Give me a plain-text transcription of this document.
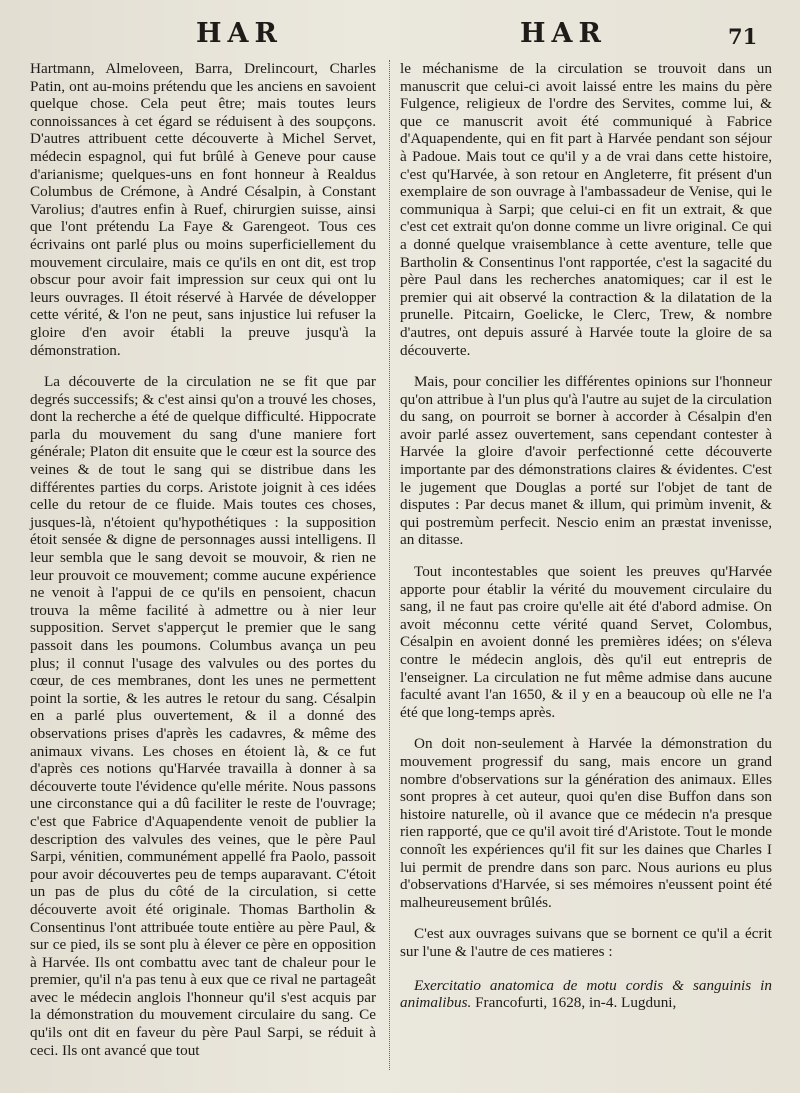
HAR	HAR	71

Hartmann, Almeloveen, Barra, Drelincourt, Charles Patin, ont au-moins prétendu que les anciens en savoient quelque chose. Cela peut être; mais toutes leurs connoissances à cet égard se réduisent à des soupçons. D'autres attribuent cette découverte à Michel Servet, médecin espagnol, qui fut brûlé à Geneve pour cause d'arianisme; quelques-uns en font honneur à Realdus Columbus de Crémone, à André Césalpin, à Constant Varolius; d'autres enfin à Ruef, chirurgien suisse, ainsi que l'ont prétendu La Faye & Garengeot. Tous ces écrivains ont parlé plus ou moins superficiellement du mouvement circulaire, mais ce qu'ils en ont dit, est trop obscur pour avoir fait impression sur ceux qui ont lu leurs ouvrages. Il étoit réservé à Harvée de développer cette vérité, & l'on ne peut, sans injustice lui refuser la gloire d'en avoir établi la preuve jusqu'à la démonstration.

La découverte de la circulation ne se fit que par degrés successifs; & c'est ainsi qu'on a trouvé les choses, dont la recherche a été de quelque difficulté. Hippocrate parla du mouvement du sang d'une maniere fort générale; Platon dit ensuite que le cœur est la source des veines & de tout le sang qui se distribue dans les différentes parties du corps. Aristote joignit à ces idées celle du retour de ce fluide. Mais toutes ces choses, jusques-là, n'étoient qu'hypothétiques : la supposition étoit sensée & digne de personnages aussi intelligens. Il leur sembla que le sang devoit se mouvoir, & rien ne leur prouvoit ce mouvement; comme aucune expérience ne venoit à l'appui de ce qu'ils en pensoient, chacun trouva la même facilité à admettre ou à nier leur supposition. Servet s'apperçut le premier que le sang passoit dans les poumons. Columbus avança un peu plus; il connut l'usage des valvules ou des portes du cœur, de ces membranes, dont les unes ne permettent point la sortie, & les autres le retour du sang. Césalpin en a parlé plus ouvertement, & il a donné des observations prises d'après les cadavres, & même des animaux vivans. Les choses en étoient là, & ce fut d'après ces notions qu'Harvée travailla à donner à sa découverte toute l'évidence qu'elle mérite. Nous passons une circonstance qui a dû faciliter le reste de l'ouvrage; c'est que Fabrice d'Aquapendente venoit de publier la description des valvules des veines, que le père Paul Sarpi, vénitien, communément appellé fra Paolo, passoit pour avoir découvertes peu de temps auparavant. C'étoit un pas de plus du côté de la circulation, si cette découverte avoit été originale. Thomas Bartholin & Consentinus l'ont attribuée toute entière au père Paul, & sur ce pied, ils se sont plu à élever ce père en opposition à Harvée. Ils ont combattu avec tant de chaleur pour le premier, qu'il n'a pas tenu à eux que ce rival ne partageât avec le médecin anglois l'honneur qu'il s'est acquis par la démonstration du mouvement circulaire du sang. Ce qu'ils ont dit en faveur du père Paul Sarpi, se réduit à ceci. Ils ont avancé que tout

le méchanisme de la circulation se trouvoit dans un manuscrit que celui-ci avoit laissé entre les mains du père Fulgence, religieux de l'ordre des Servites, comme lui, & que ce manuscrit avoit été communiqué à Fabrice d'Aquapendente, qui en fit part à Harvée pendant son séjour à Padoue. Mais tout ce qu'il y a de vrai dans cette histoire, c'est qu'Harvée, à son retour en Angleterre, fit présent d'un exemplaire de son ouvrage à l'ambassadeur de Venise, qui le communiqua à Sarpi; que celui-ci en fit un extrait, & que c'est cet extrait qu'on donne comme un livre original. Ce qui a donné quelque vraisemblance à cette aventure, telle que Bartholin & Consentinus l'ont rapportée, c'est la sagacité du père Paul dans les recherches anatomiques; car il est le premier qui ait observé la contraction & la dilatation de la prunelle. Pitcairn, Goelicke, le Clerc, Trew, & nombre d'autres, ont depuis assuré à Harvée toute la gloire de sa découverte.

Mais, pour concilier les différentes opinions sur l'honneur qu'on attribue à l'un plus qu'à l'autre au sujet de la circulation du sang, on pourroit se borner à accorder à Césalpin d'en avoir parlé assez ouvertement, sans cependant contester à Harvée la gloire d'avoir perfectionné cette découverte importante par des démonstrations claires & évidentes. C'est le jugement que Douglas a porté sur l'objet de tant de disputes : Par decus manet & illum, qui primùm invenit, & qui postremùm perfecit. Nescio enim an præstat invenisse, an ditasse.

Tout incontestables que soient les preuves qu'Harvée apporte pour établir la vérité du mouvement circulaire du sang, il ne faut pas croire qu'elle ait été d'abord admise. On avoit méconnu cette vérité quand Servet, Colombus, Césalpin en avoient donné les premières idées; on s'éleva contre le médecin anglois, dès qu'il eut entrepris de l'enseigner. La circulation ne fut même admise dans aucune faculté avant l'an 1650, & il y en a beaucoup où elle ne l'a été que long-temps après.

On doit non-seulement à Harvée la démonstration du mouvement progressif du sang, mais encore un grand nombre d'observations sur la génération des animaux. Elles sont propres à cet auteur, quoi qu'en dise Buffon dans son histoire naturelle, où il avance que ce médecin n'a presque rien rapporté, que ce qu'il avoit tiré d'Aristote. Tout le monde connoît les expériences qu'il fit sur les daines que Charles I lui permit de prendre dans son parc. Nous aurions eu plus d'observations d'Harvée, si ses mémoires n'eussent point été malheureusement brûlés.

C'est aux ouvrages suivans que se bornent ce qu'il a écrit sur l'une & l'autre de ces matieres :

Exercitatio anatomica de motu cordis & sanguinis in animalibus. Francofurti, 1628, in-4. Lugduni,
